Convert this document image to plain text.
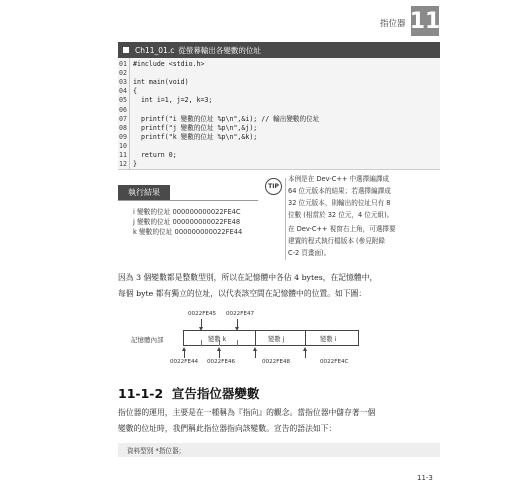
指位器 11
Ch11_01.c 從螢幕輸出各變數的位址
01 #include <stdio.h>
02
03 int main(void)
04 {
05  int i=1, j=2, k=3;
06
07  printf("i 變數的位址 %p\n",&i); // 輸出變數的位址
08  printf("j 變數的位址 %p\n",&j);
09  printf("k 變數的位址 %p\n",&k);
10
11  return 0;
12 }
執行結果
i 變數的位址 000000000022FE4C
j 變數的位址 000000000022FE48
k 變數的位址 000000000022FE44
TIP
本例是在 Dev-C++ 中選擇編譯成
64 位元版本的結果；若選擇編譯成
32 位元版本，則輸出的位址只有 8
位數 (相當於 32 位元，4 位元組)。
在 Dev-C++ 視窗右上角，可選擇要
建置的程式執行檔版本 (參見附錄
C-2 頁畫面)。
因為 3 個變數都是整數型別，所以在記憶體中各佔 4 bytes，在記憶體中，
每個 byte 都有獨立的位址，以代表該空間在記憶體中的位置。如下圖：
記憶體內部	變數 k	變數 j	變數 i
0022FE45 0022FE47
0022FE44 0022FE46	0022FE48	0022FE4C
11-1-2 宣告指位器變數
指位器的運用，主要是在一種稱為『指向』的觀念。當指位器中儲存著一個
變數的位址時，我們稱此指位器指向該變數。宣告的語法如下：
資料型別 *指位器；
11-3
